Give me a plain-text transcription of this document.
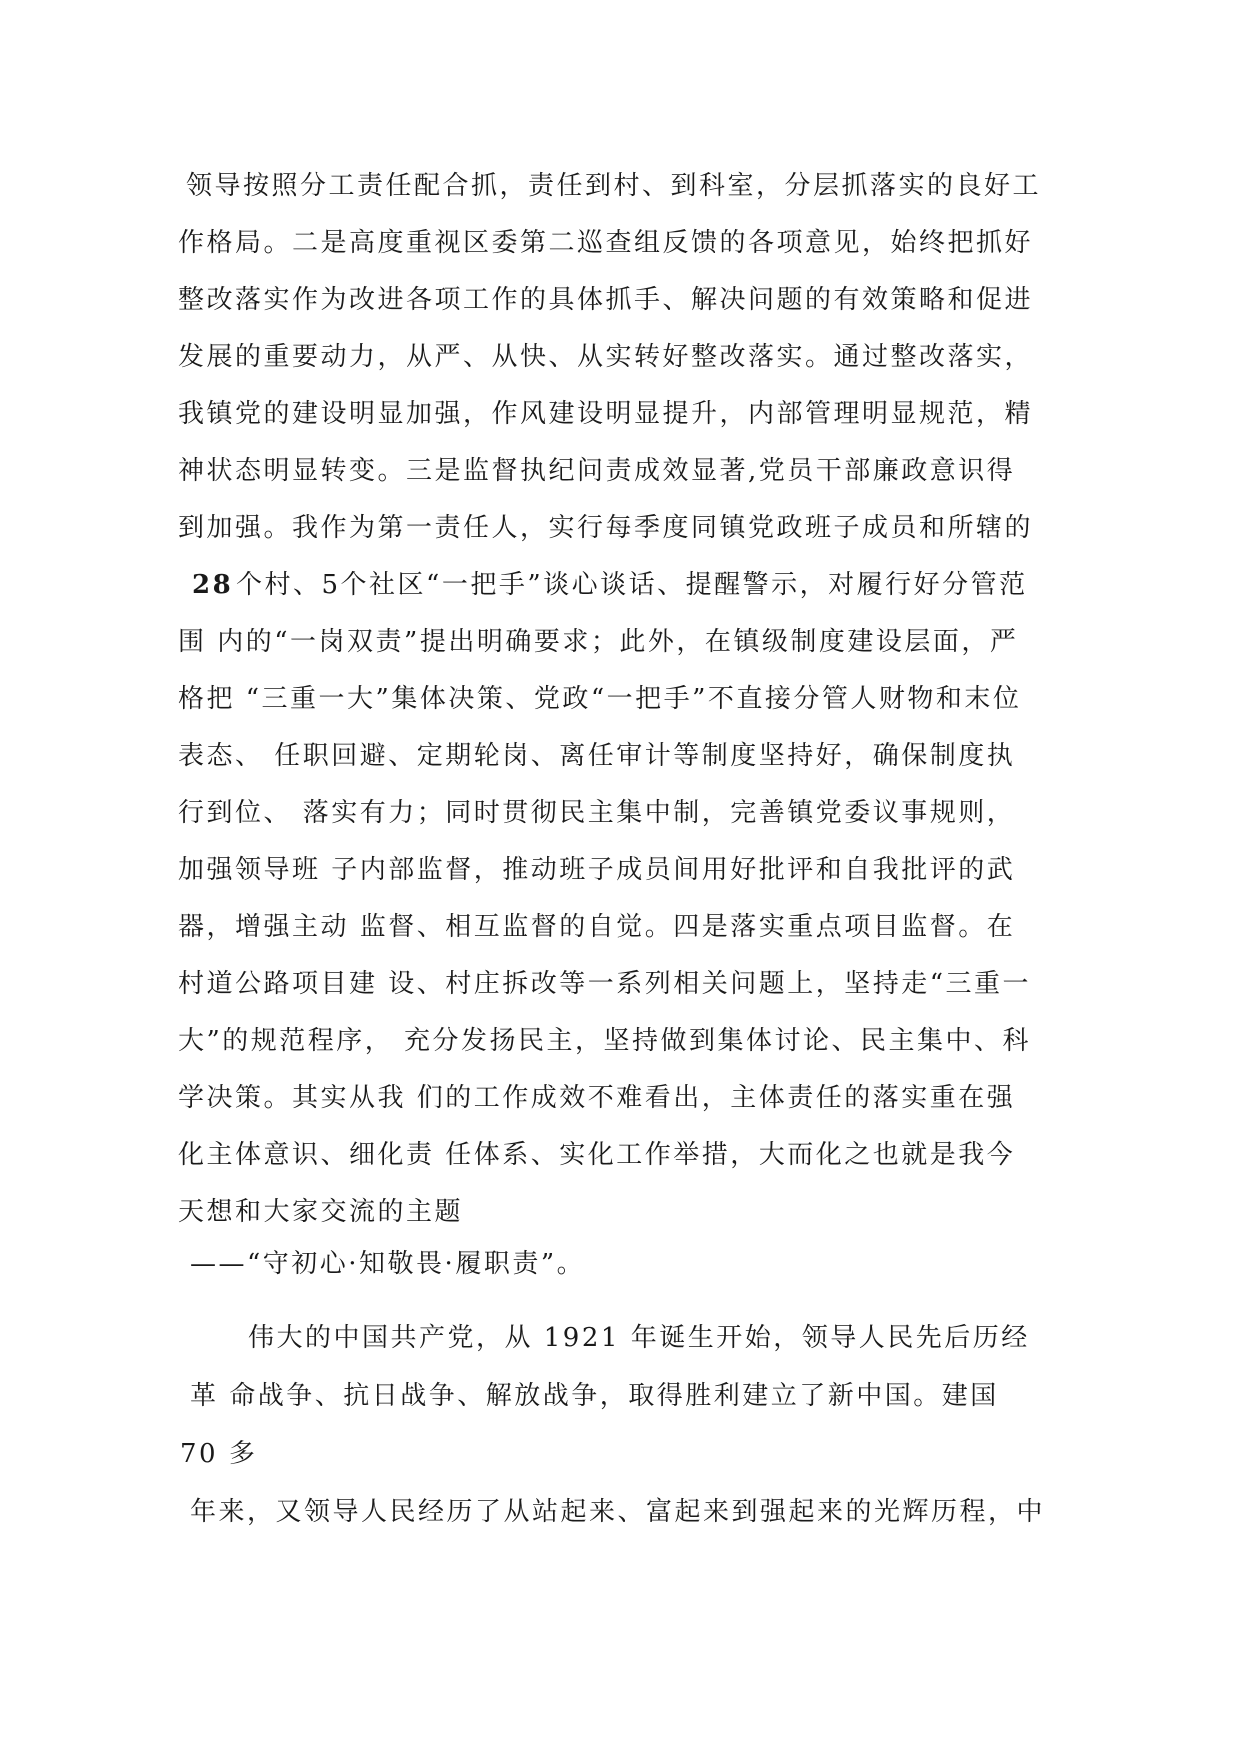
领导按照分工责任配合抓，责任到村、到科室，分层抓落实的良好工
作格局。二是高度重视区委第二巡查组反馈的各项意见，始终把抓好
整改落实作为改进各项工作的具体抓手、解决问题的有效策略和促进
发展的重要动力，从严、从快、从实转好整改落实。通过整改落实，
我镇党的建设明显加强，作风建设明显提升，内部管理明显规范，精
神状态明显转变。三是监督执纪问责成效显著,党员干部廉政意识得
到加强。我作为第一责任人，实行每季度同镇党政班子成员和所辖的
28 个村、5个社区“一把手”谈心谈话、提醒警示，对履行好分管范
围 内的“一岗双责”提出明确要求；此外，在镇级制度建设层面，严
格把 “三重一大”集体决策、党政“一把手”不直接分管人财物和末位
表态、 任职回避、定期轮岗、离任审计等制度坚持好，确保制度执
行到位、 落实有力；同时贯彻民主集中制，完善镇党委议事规则，
加强领导班 子内部监督，推动班子成员间用好批评和自我批评的武
器，增强主动 监督、相互监督的自觉。四是落实重点项目监督。在
村道公路项目建 设、村庄拆改等一系列相关问题上，坚持走“三重一
大”的规范程序， 充分发扬民主，坚持做到集体讨论、民主集中、科
学决策。其实从我 们的工作成效不难看出，主体责任的落实重在强
化主体意识、细化责 任体系、实化工作举措，大而化之也就是我今
天想和大家交流的主题
——“守初心·知敬畏·履职责”。
伟大的中国共产党，从 1921 年诞生开始，领导人民先后历经
革 命战争、抗日战争、解放战争，取得胜利建立了新中国。建国
70 多
年来，又领导人民经历了从站起来、富起来到强起来的光辉历程，中
